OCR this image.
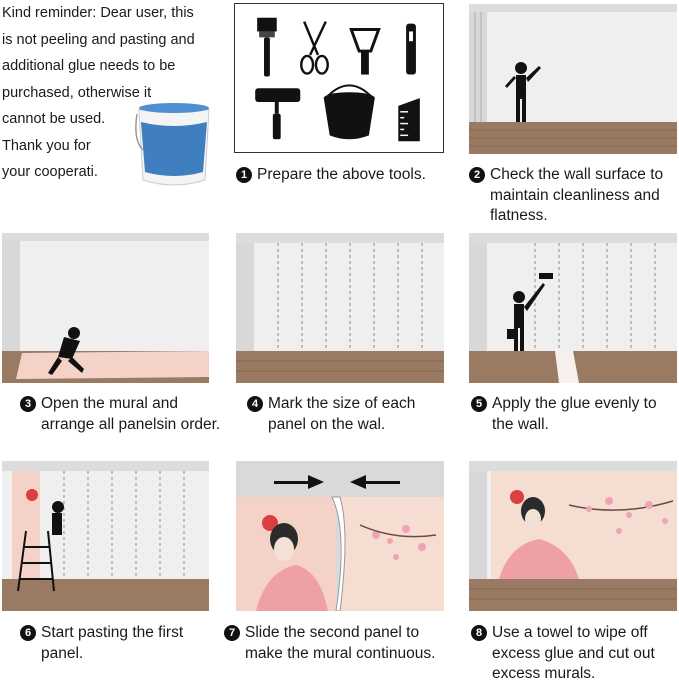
Kind reminder: Dear user, this

is not peeling and pasting and

additional glue needs to be

purchased, otherwise it

cannot be used.

Thank you for

your cooperati.	1 Prepare the above tools.	2 Check the wall surface to
maintain cleanliness and flatness.
3 Open the mural and
arrange all panelsin order.
4 Mark the size of each
panel on the wal.
5 Apply the glue evenly to
the wall.
6 Start pasting the first
panel.
7 Slide the second panel to
make the mural continuous.
8 Use a towel to wipe off
excess glue and cut out excess murals.
